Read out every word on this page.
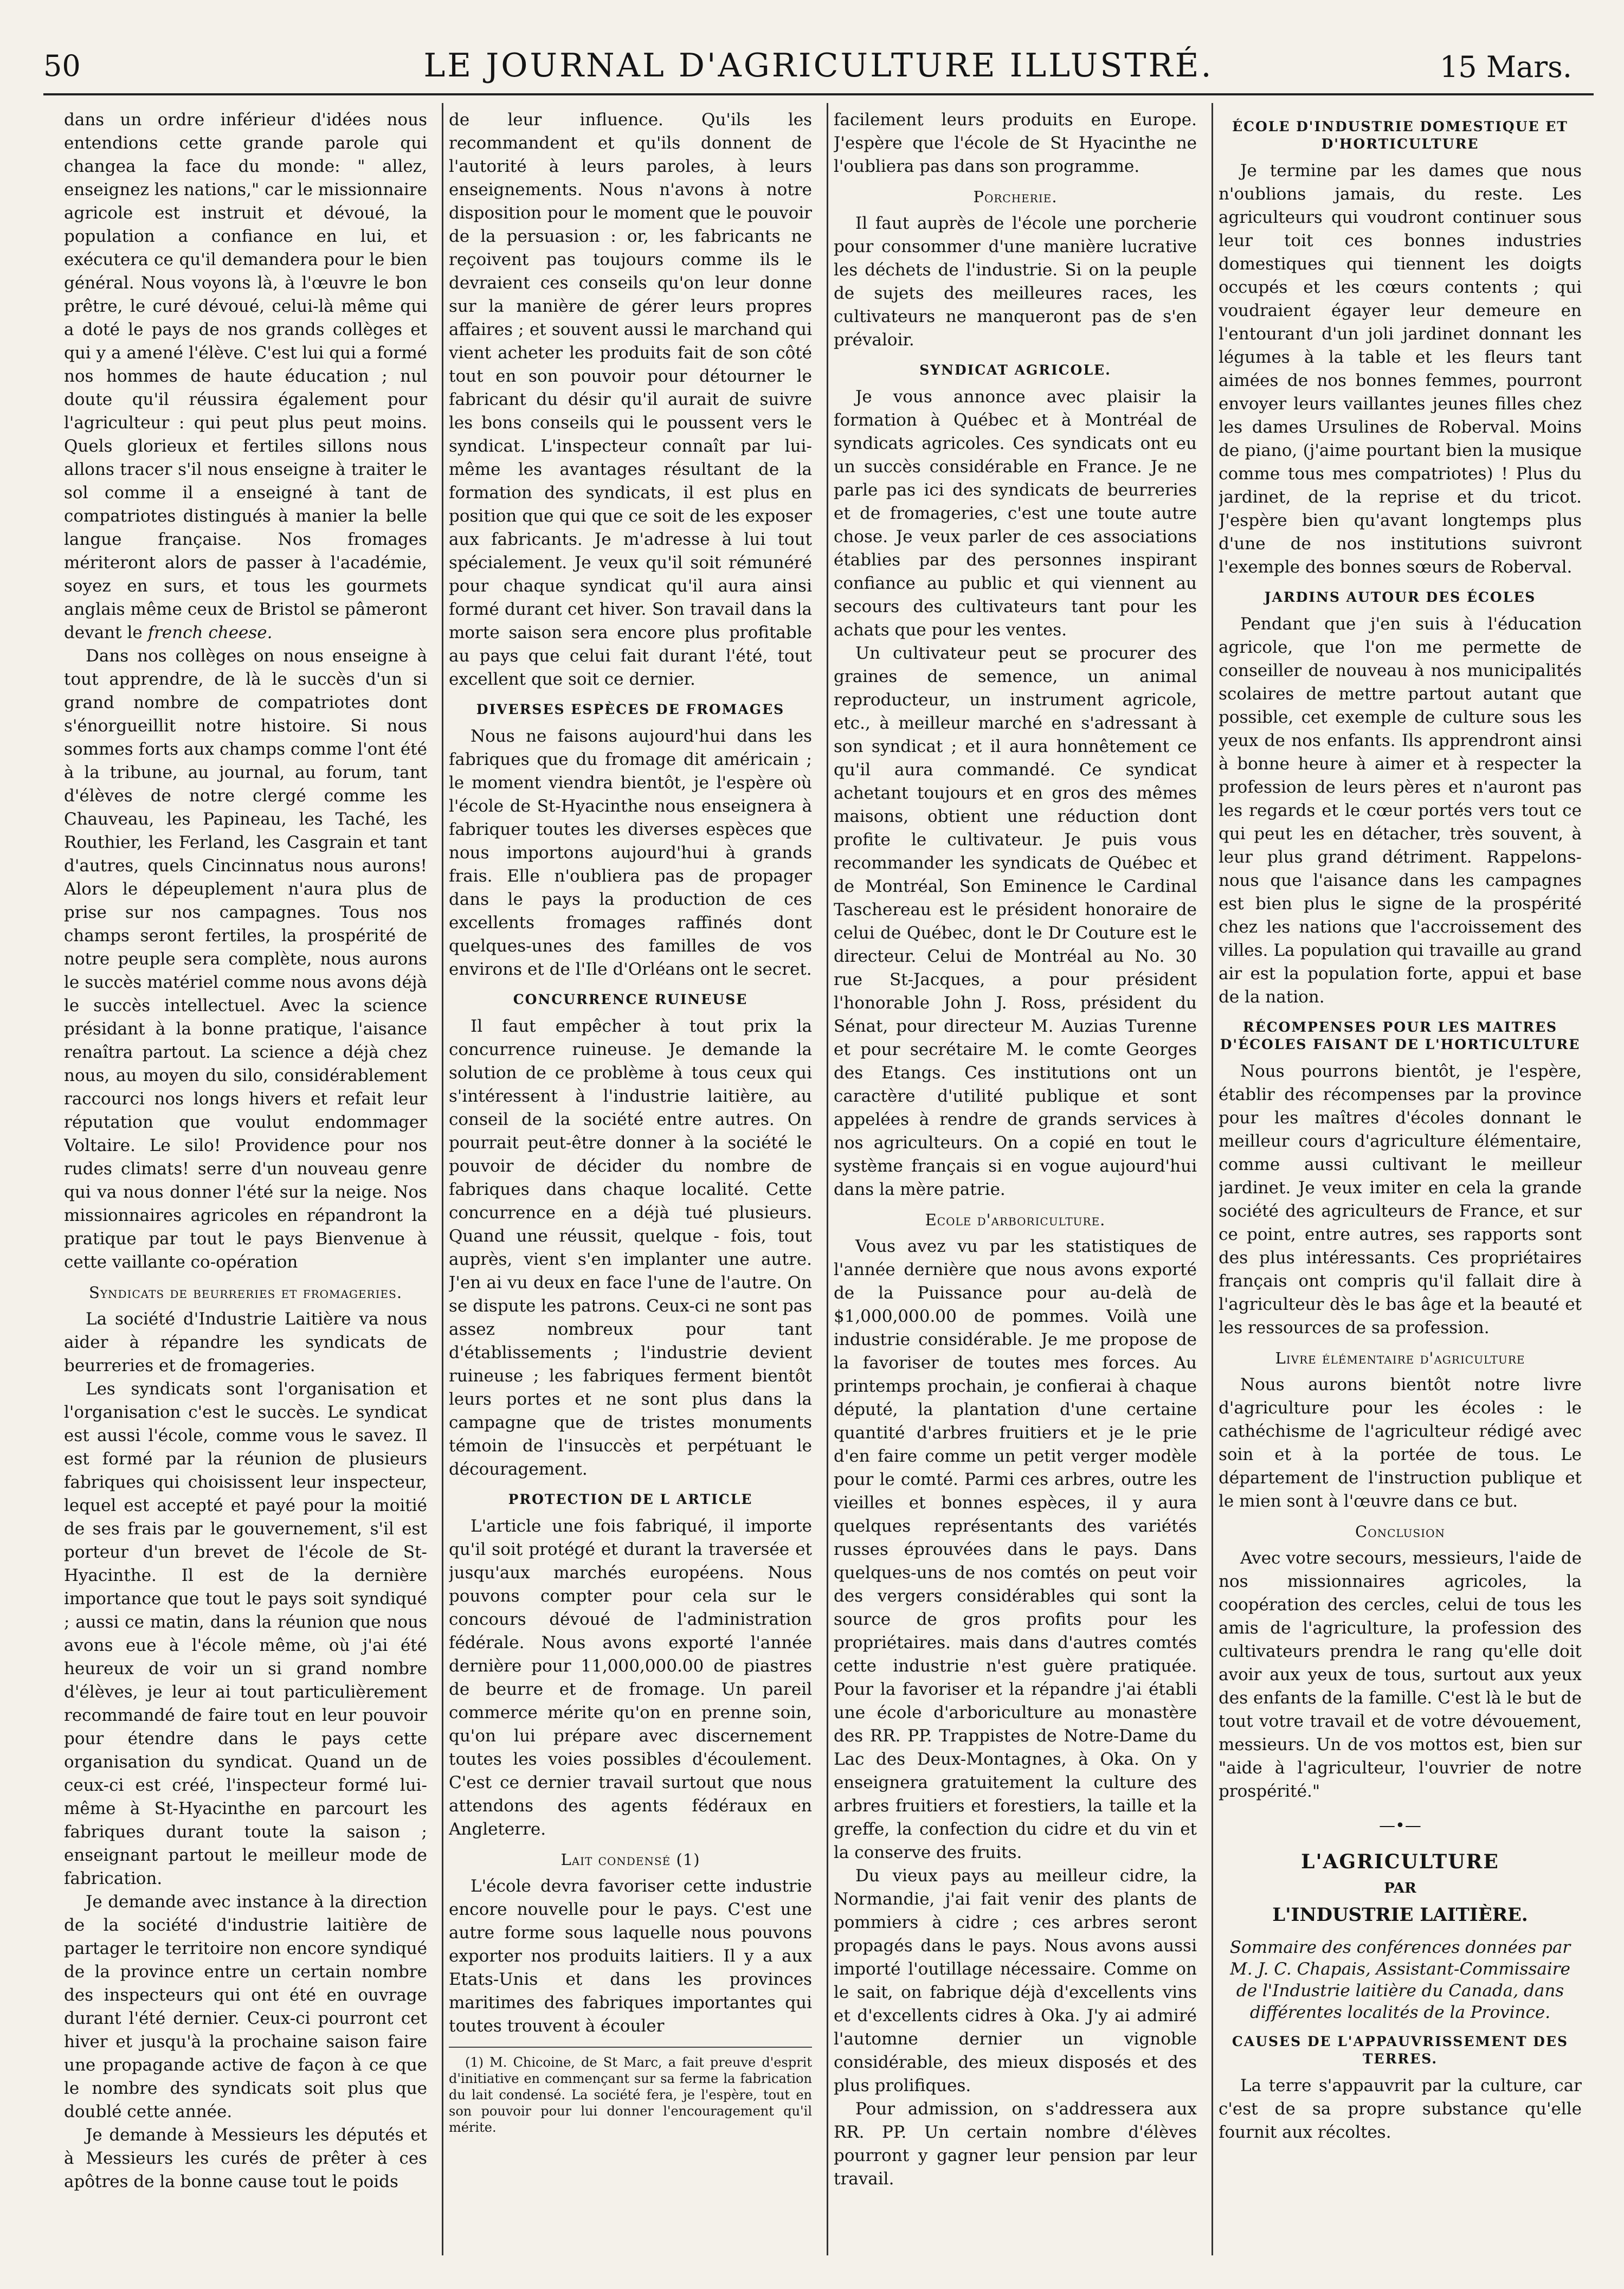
50	LE JOURNAL D'AGRICULTURE ILLUSTRÉ.	15 Mars.

dans un ordre inférieur d'idées nous entendions cette grande parole qui changea la face du monde: " allez, enseignez les nations," car le missionnaire agricole est instruit et dévoué, la population a confiance en lui, et exécutera ce qu'il demandera pour le bien général. Nous voyons là, à l'œuvre le bon prêtre, le curé dévoué, celui-là même qui a doté le pays de nos grands collèges et qui y a amené l'élève. C'est lui qui a formé nos hommes de haute éducation ; nul doute qu'il réussira également pour l'agriculteur : qui peut plus peut moins. Quels glorieux et fertiles sillons nous allons tracer s'il nous enseigne à traiter le sol comme il a enseigné à tant de compatriotes distingués à manier la belle langue française. Nos fromages mériteront alors de passer à l'académie, soyez en surs, et tous les gourmets anglais même ceux de Bristol se pâmeront devant le french cheese.

Dans nos collèges on nous enseigne à tout apprendre, de là le succès d'un si grand nombre de compatriotes dont s'énorgueillit notre histoire. Si nous sommes forts aux champs comme l'ont été à la tribune, au journal, au forum, tant d'élèves de notre clergé comme les Chauveau, les Papineau, les Taché, les Routhier, les Ferland, les Casgrain et tant d'autres, quels Cincinnatus nous aurons! Alors le dépeuplement n'aura plus de prise sur nos campagnes. Tous nos champs seront fertiles, la prospérité de notre peuple sera complète, nous aurons le succès matériel comme nous avons déjà le succès intellectuel. Avec la science présidant à la bonne pratique, l'aisance renaîtra partout. La science a déjà chez nous, au moyen du silo, considérablement raccourci nos longs hivers et refait leur réputation que voulut endommager Voltaire. Le silo! Providence pour nos rudes climats! serre d'un nouveau genre qui va nous donner l'été sur la neige. Nos missionnaires agricoles en répandront la pratique par tout le pays Bienvenue à cette vaillante co-opération

Syndicats de beurreries et fromageries.

La société d'Industrie Laitière va nous aider à répandre les syndicats de beurreries et de fromageries.

Les syndicats sont l'organisation et l'organisation c'est le succès. Le syndicat est aussi l'école, comme vous le savez. Il est formé par la réunion de plusieurs fabriques qui choisissent leur inspecteur, lequel est accepté et payé pour la moitié de ses frais par le gouvernement, s'il est porteur d'un brevet de l'école de St-Hyacinthe. Il est de la dernière importance que tout le pays soit syndiqué ; aussi ce matin, dans la réunion que nous avons eue à l'école même, où j'ai été heureux de voir un si grand nombre d'élèves, je leur ai tout particulièrement recommandé de faire tout en leur pouvoir pour étendre dans le pays cette organisation du syndicat. Quand un de ceux-ci est créé, l'inspecteur formé lui-même à St-Hyacinthe en parcourt les fabriques durant toute la saison ; enseignant partout le meilleur mode de fabrication.

Je demande avec instance à la direction de la société d'industrie laitière de partager le territoire non encore syndiqué de la province entre un certain nombre des inspecteurs qui ont été en ouvrage durant l'été dernier. Ceux-ci pourront cet hiver et jusqu'à la prochaine saison faire une propagande active de façon à ce que le nombre des syndicats soit plus que doublé cette année.

Je demande à Messieurs les députés et à Messieurs les curés de prêter à ces apôtres de la bonne cause tout le poids

de leur influence. Qu'ils les recommandent et qu'ils donnent de l'autorité à leurs paroles, à leurs enseignements. Nous n'avons à notre disposition pour le moment que le pouvoir de la persuasion : or, les fabricants ne reçoivent pas toujours comme ils le devraient ces conseils qu'on leur donne sur la manière de gérer leurs propres affaires ; et souvent aussi le marchand qui vient acheter les produits fait de son côté tout en son pouvoir pour détourner le fabricant du désir qu'il aurait de suivre les bons conseils qui le poussent vers le syndicat. L'inspecteur connaît par lui-même les avantages résultant de la formation des syndicats, il est plus en position que qui que ce soit de les exposer aux fabricants. Je m'adresse à lui tout spécialement. Je veux qu'il soit rémunéré pour chaque syndicat qu'il aura ainsi formé durant cet hiver. Son travail dans la morte saison sera encore plus profitable au pays que celui fait durant l'été, tout excellent que soit ce dernier.

DIVERSES ESPÈCES DE FROMAGES

Nous ne faisons aujourd'hui dans les fabriques que du fromage dit américain ; le moment viendra bientôt, je l'espère où l'école de St-Hyacinthe nous enseignera à fabriquer toutes les diverses espèces que nous importons aujourd'hui à grands frais. Elle n'oubliera pas de propager dans le pays la production de ces excellents fromages raffinés dont quelques-unes des familles de vos environs et de l'Ile d'Orléans ont le secret.

CONCURRENCE RUINEUSE

Il faut empêcher à tout prix la concurrence ruineuse. Je demande la solution de ce problème à tous ceux qui s'intéressent à l'industrie laitière, au conseil de la société entre autres. On pourrait peut-être donner à la société le pouvoir de décider du nombre de fabriques dans chaque localité. Cette concurrence en a déjà tué plusieurs. Quand une réussit, quelque - fois, tout auprès, vient s'en implanter une autre. J'en ai vu deux en face l'une de l'autre. On se dispute les patrons. Ceux-ci ne sont pas assez nombreux pour tant d'établissements ; l'industrie devient ruineuse ; les fabriques ferment bientôt leurs portes et ne sont plus dans la campagne que de tristes monuments témoin de l'insuccès et perpétuant le découragement.

PROTECTION DE L ARTICLE

L'article une fois fabriqué, il importe qu'il soit protégé et durant la traversée et jusqu'aux marchés européens. Nous pouvons compter pour cela sur le concours dévoué de l'administration fédérale. Nous avons exporté l'année dernière pour 11,000,000.00 de piastres de beurre et de fromage. Un pareil commerce mérite qu'on en prenne soin, qu'on lui prépare avec discernement toutes les voies possibles d'écoulement. C'est ce dernier travail surtout que nous attendons des agents fédéraux en Angleterre.

Lait condensé (1)

L'école devra favoriser cette industrie encore nouvelle pour le pays. C'est une autre forme sous laquelle nous pouvons exporter nos produits laitiers. Il y a aux Etats-Unis et dans les provinces maritimes des fabriques importantes qui toutes trouvent à écouler

(1) M. Chicoine, de St Marc, a fait preuve d'esprit d'initiative en commençant sur sa ferme la fabrication du lait condensé. La société fera, je l'espère, tout en son pouvoir pour lui donner l'encouragement qu'il mérite.

facilement leurs produits en Europe. J'espère que l'école de St Hyacinthe ne l'oubliera pas dans son programme.

Porcherie.

Il faut auprès de l'école une porcherie pour consommer d'une manière lucrative les déchets de l'industrie. Si on la peuple de sujets des meilleures races, les cultivateurs ne manqueront pas de s'en prévaloir.

SYNDICAT AGRICOLE.

Je vous annonce avec plaisir la formation à Québec et à Montréal de syndicats agricoles. Ces syndicats ont eu un succès considérable en France. Je ne parle pas ici des syndicats de beurreries et de fromageries, c'est une toute autre chose. Je veux parler de ces associations établies par des personnes inspirant confiance au public et qui viennent au secours des cultivateurs tant pour les achats que pour les ventes.

Un cultivateur peut se procurer des graines de semence, un animal reproducteur, un instrument agricole, etc., à meilleur marché en s'adressant à son syndicat ; et il aura honnêtement ce qu'il aura commandé. Ce syndicat achetant toujours et en gros des mêmes maisons, obtient une réduction dont profite le cultivateur. Je puis vous recommander les syndicats de Québec et de Montréal, Son Eminence le Cardinal Taschereau est le président honoraire de celui de Québec, dont le Dr Couture est le directeur. Celui de Montréal au No. 30 rue St-Jacques, a pour président l'honorable John J. Ross, président du Sénat, pour directeur M. Auzias Turenne et pour secrétaire M. le comte Georges des Etangs. Ces institutions ont un caractère d'utilité publique et sont appelées à rendre de grands services à nos agriculteurs. On a copié en tout le système français si en vogue aujourd'hui dans la mère patrie.

Ecole d'arboriculture.

Vous avez vu par les statistiques de l'année dernière que nous avons exporté de la Puissance pour au-delà de $1,000,000.00 de pommes. Voilà une industrie considérable. Je me propose de la favoriser de toutes mes forces. Au printemps prochain, je confierai à chaque député, la plantation d'une certaine quantité d'arbres fruitiers et je le prie d'en faire comme un petit verger modèle pour le comté. Parmi ces arbres, outre les vieilles et bonnes espèces, il y aura quelques représentants des variétés russes éprouvées dans le pays. Dans quelques-uns de nos comtés on peut voir des vergers considérables qui sont la source de gros profits pour les propriétaires. mais dans d'autres comtés cette industrie n'est guère pratiquée. Pour la favoriser et la répandre j'ai établi une école d'arboriculture au monastère des RR. PP. Trappistes de Notre-Dame du Lac des Deux-Montagnes, à Oka. On y enseignera gratuitement la culture des arbres fruitiers et forestiers, la taille et la greffe, la confection du cidre et du vin et la conserve des fruits.

Du vieux pays au meilleur cidre, la Normandie, j'ai fait venir des plants de pommiers à cidre ; ces arbres seront propagés dans le pays. Nous avons aussi importé l'outillage nécessaire. Comme on le sait, on fabrique déjà d'excellents vins et d'excellents cidres à Oka. J'y ai admiré l'automne dernier un vignoble considérable, des mieux disposés et des plus prolifiques.

Pour admission, on s'addressera aux RR. PP. Un certain nombre d'élèves pourront y gagner leur pension par leur travail.

ÉCOLE D'INDUSTRIE DOMESTIQUE ET D'HORTICULTURE

Je termine par les dames que nous n'oublions jamais, du reste. Les agriculteurs qui voudront continuer sous leur toit ces bonnes industries domestiques qui tiennent les doigts occupés et les cœurs contents ; qui voudraient égayer leur demeure en l'entourant d'un joli jardinet donnant les légumes à la table et les fleurs tant aimées de nos bonnes femmes, pourront envoyer leurs vaillantes jeunes filles chez les dames Ursulines de Roberval. Moins de piano, (j'aime pourtant bien la musique comme tous mes compatriotes) ! Plus du jardinet, de la reprise et du tricot. J'espère bien qu'avant longtemps plus d'une de nos institutions suivront l'exemple des bonnes sœurs de Roberval.

JARDINS AUTOUR DES ÉCOLES

Pendant que j'en suis à l'éducation agricole, que l'on me permette de conseiller de nouveau à nos municipalités scolaires de mettre partout autant que possible, cet exemple de culture sous les yeux de nos enfants. Ils apprendront ainsi à bonne heure à aimer et à respecter la profession de leurs pères et n'auront pas les regards et le cœur portés vers tout ce qui peut les en détacher, très souvent, à leur plus grand détriment. Rappelons-nous que l'aisance dans les campagnes est bien plus le signe de la prospérité chez les nations que l'accroissement des villes. La population qui travaille au grand air est la population forte, appui et base de la nation.

RÉCOMPENSES POUR LES MAITRES D'ÉCOLES FAISANT DE L'HORTICULTURE

Nous pourrons bientôt, je l'espère, établir des récompenses par la province pour les maîtres d'écoles donnant le meilleur cours d'agriculture élémentaire, comme aussi cultivant le meilleur jardinet. Je veux imiter en cela la grande société des agriculteurs de France, et sur ce point, entre autres, ses rapports sont des plus intéressants. Ces propriétaires français ont compris qu'il fallait dire à l'agriculteur dès le bas âge et la beauté et les ressources de sa profession.

Livre élémentaire d'agriculture

Nous aurons bientôt notre livre d'agriculture pour les écoles : le cathéchisme de l'agriculteur rédigé avec soin et à la portée de tous. Le département de l'instruction publique et le mien sont à l'œuvre dans ce but.

Conclusion

Avec votre secours, messieurs, l'aide de nos missionnaires agricoles, la coopération des cercles, celui de tous les amis de l'agriculture, la profession des cultivateurs prendra le rang qu'elle doit avoir aux yeux de tous, surtout aux yeux des enfants de la famille. C'est là le but de tout votre travail et de votre dévouement, messieurs. Un de vos mottos est, bien sur "aide à l'agriculteur, l'ouvrier de notre prospérité."

—•—
L'AGRICULTURE
PAR
L'INDUSTRIE LAITIÈRE.
Sommaire des conférences données par M. J. C. Chapais, Assistant-Commissaire de l'Industrie laitière du Canada, dans différentes localités de la Province.
CAUSES DE L'APPAUVRISSEMENT DES TERRES.

La terre s'appauvrit par la culture, car c'est de sa propre substance qu'elle fournit aux récoltes.
